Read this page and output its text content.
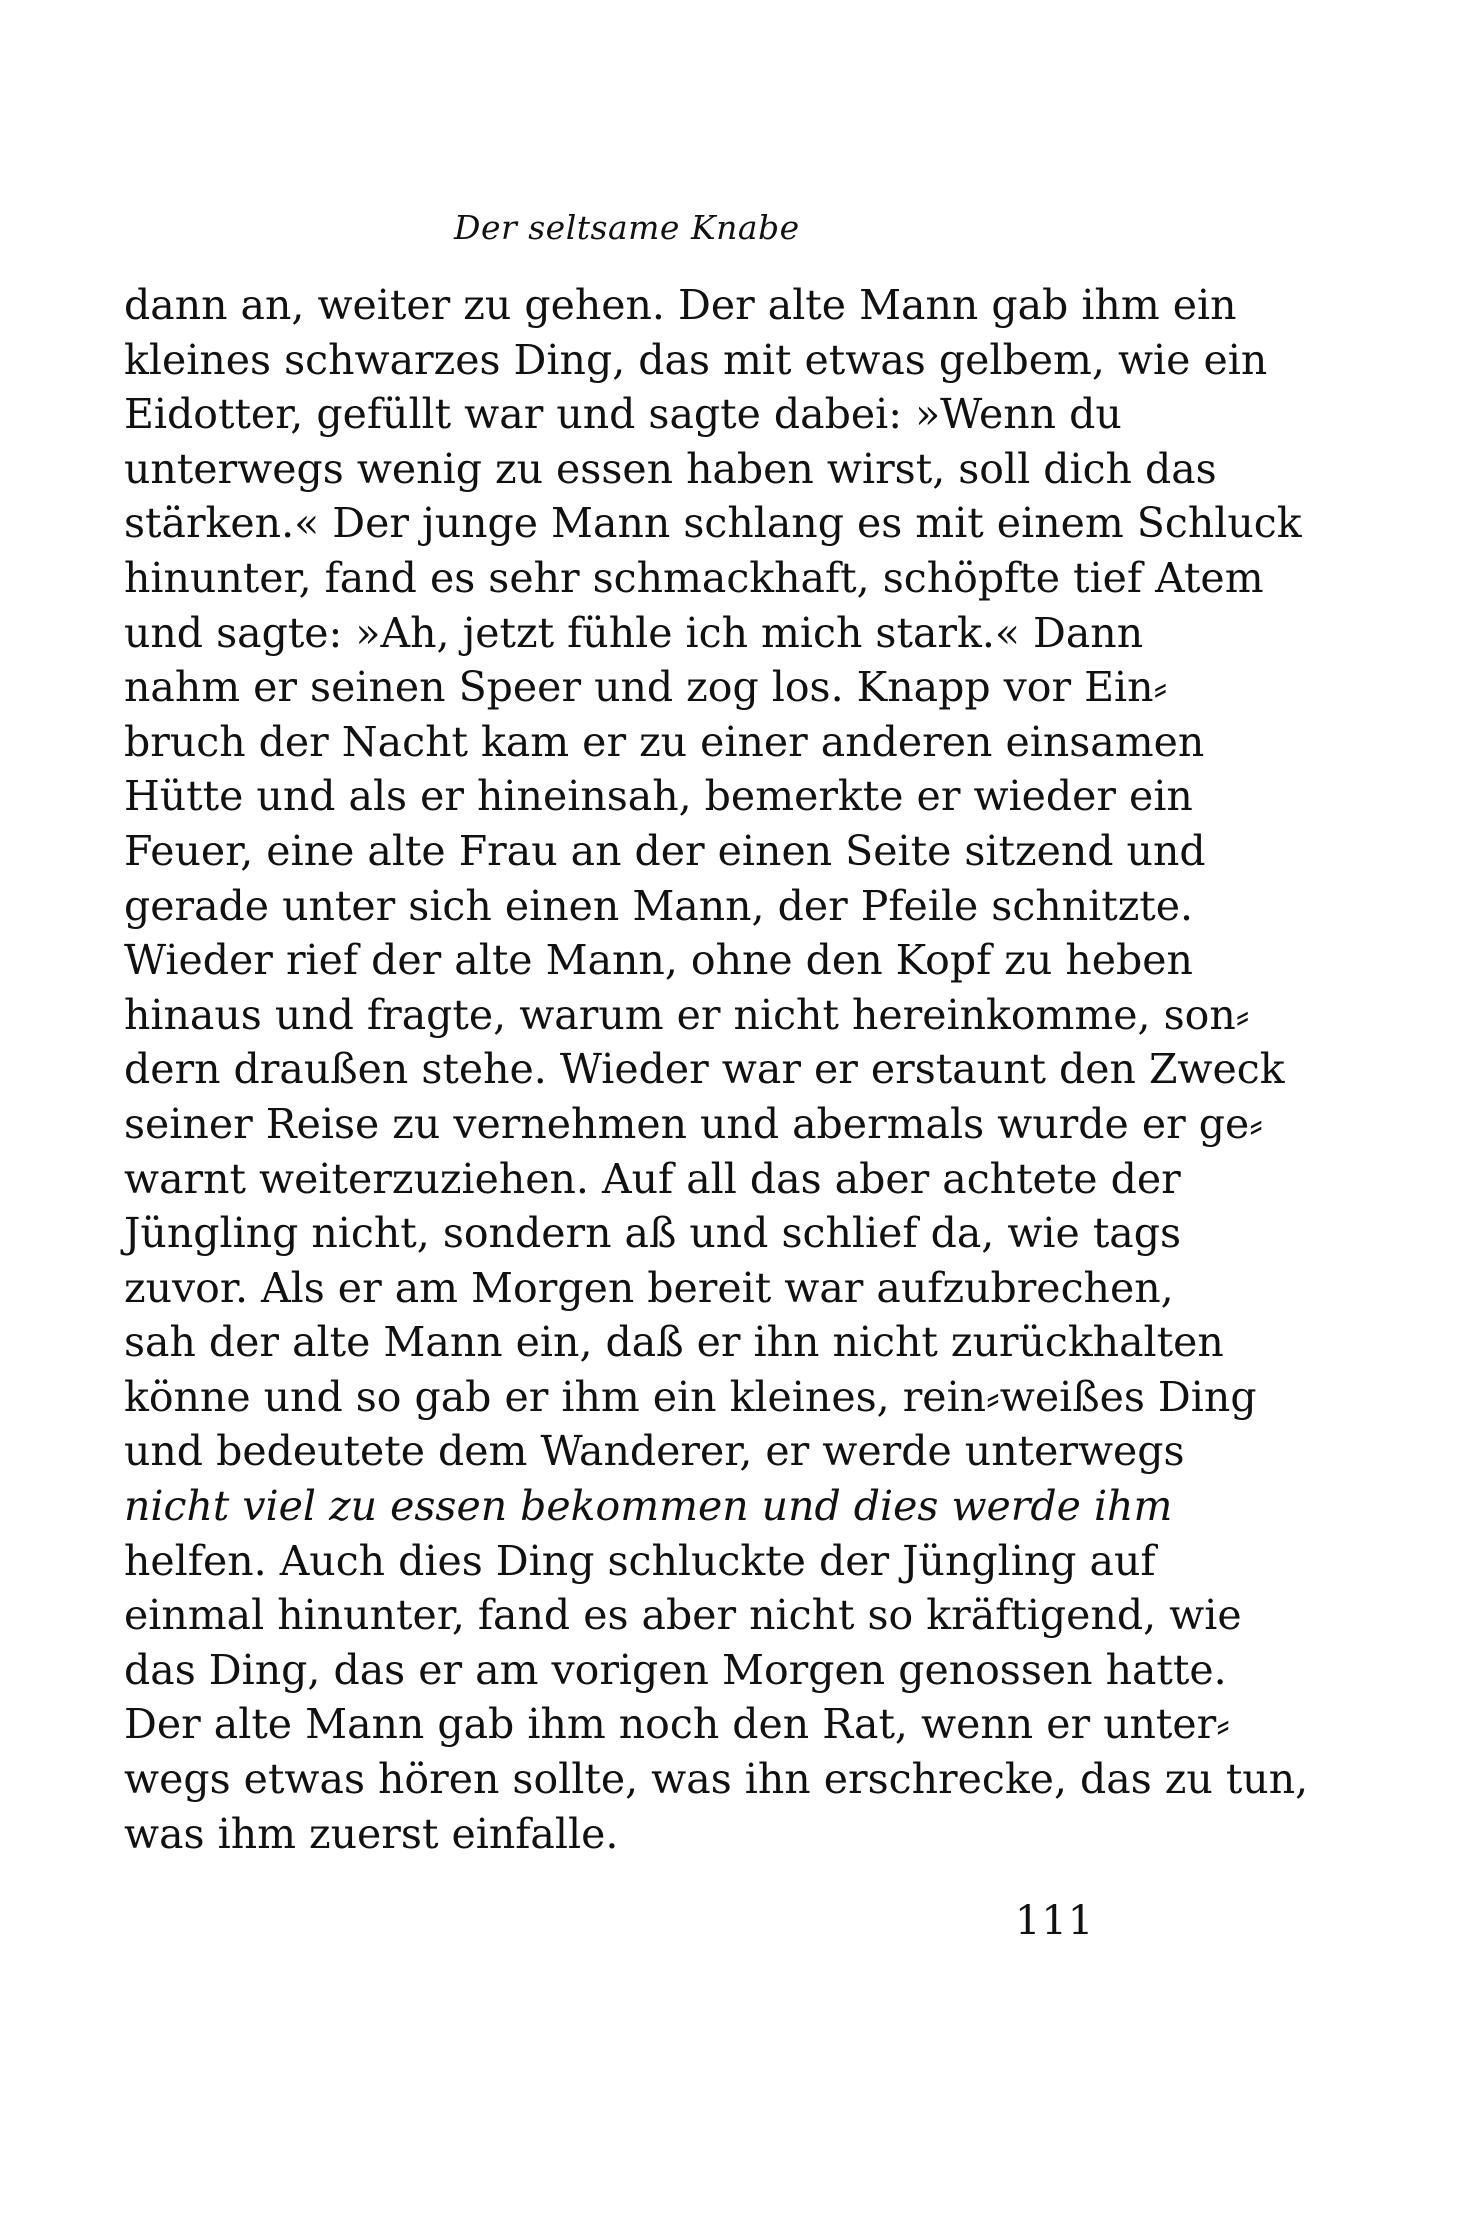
Der seltsame Knabe
dann an, weiter zu gehen. Der alte Mann gab ihm ein
kleines schwarzes Ding, das mit etwas gelbem, wie ein
Eidotter, gefüllt war und sagte dabei: »Wenn du
unterwegs wenig zu essen haben wirst, soll dich das
stärken.« Der junge Mann schlang es mit einem Schluck
hinunter, fand es sehr schmackhaft, schöpfte tief Atem
und sagte: »Ah, jetzt fühle ich mich stark.« Dann
nahm er seinen Speer und zog los. Knapp vor Ein⸗
bruch der Nacht kam er zu einer anderen einsamen
Hütte und als er hineinsah, bemerkte er wieder ein
Feuer, eine alte Frau an der einen Seite sitzend und
gerade unter sich einen Mann, der Pfeile schnitzte.
Wieder rief der alte Mann, ohne den Kopf zu heben
hinaus und fragte, warum er nicht hereinkomme, son⸗
dern draußen stehe. Wieder war er erstaunt den Zweck
seiner Reise zu vernehmen und abermals wurde er ge⸗
warnt weiterzuziehen. Auf all das aber achtete der
Jüngling nicht, sondern aß und schlief da, wie tags
zuvor. Als er am Morgen bereit war aufzubrechen,
sah der alte Mann ein, daß er ihn nicht zurückhalten
könne und so gab er ihm ein kleines, rein⸗weißes Ding
und bedeutete dem Wanderer, er werde unterwegs
nicht viel zu essen bekommen und dies werde ihm
helfen. Auch dies Ding schluckte der Jüngling auf
einmal hinunter, fand es aber nicht so kräftigend, wie
das Ding, das er am vorigen Morgen genossen hatte.
Der alte Mann gab ihm noch den Rat, wenn er unter⸗
wegs etwas hören sollte, was ihn erschrecke, das zu tun,
was ihm zuerst einfalle.
111
